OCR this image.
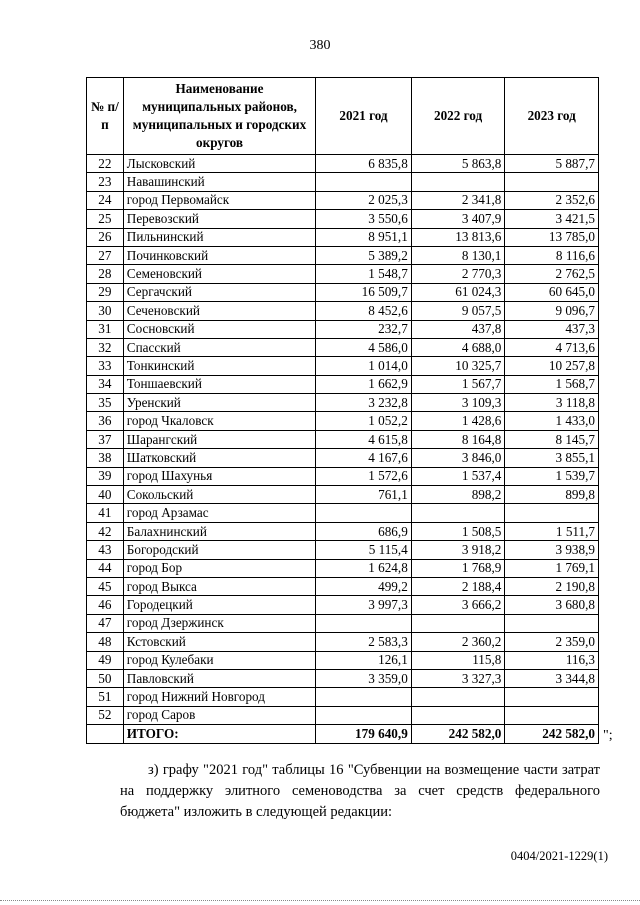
380
№ п/п	Наименование муниципальных районов, муниципальных и городских округов	2021 год	2022 год	2023 год
22	Лысковский	6 835,8	5 863,8	5 887,7
23	Навашинский			
24	город Первомайск	2 025,3	2 341,8	2 352,6
25	Перевозский	3 550,6	3 407,9	3 421,5
26	Пильнинский	8 951,1	13 813,6	13 785,0
27	Починковский	5 389,2	8 130,1	8 116,6
28	Семеновский	1 548,7	2 770,3	2 762,5
29	Сергачский	16 509,7	61 024,3	60 645,0
30	Сеченовский	8 452,6	9 057,5	9 096,7
31	Сосновский	232,7	437,8	437,3
32	Спасский	4 586,0	4 688,0	4 713,6
33	Тонкинский	1 014,0	10 325,7	10 257,8
34	Тоншаевский	1 662,9	1 567,7	1 568,7
35	Уренский	3 232,8	3 109,3	3 118,8
36	город Чкаловск	1 052,2	1 428,6	1 433,0
37	Шарангский	4 615,8	8 164,8	8 145,7
38	Шатковский	4 167,6	3 846,0	3 855,1
39	город Шахунья	1 572,6	1 537,4	1 539,7
40	Сокольский	761,1	898,2	899,8
41	город Арзамас			
42	Балахнинский	686,9	1 508,5	1 511,7
43	Богородский	5 115,4	3 918,2	3 938,9
44	город Бор	1 624,8	1 768,9	1 769,1
45	город Выкса	499,2	2 188,4	2 190,8
46	Городецкий	3 997,3	3 666,2	3 680,8
47	город Дзержинск			
48	Кстовский	2 583,3	2 360,2	2 359,0
49	город Кулебаки	126,1	115,8	116,3
50	Павловский	3 359,0	3 327,3	3 344,8
51	город Нижний Новгород			
52	город Саров			
	ИТОГО:	179 640,9	242 582,0	242 582,0 ";
з) графу "2021 год" таблицы 16 "Субвенции на возмещение части затрат на поддержку элитного семеноводства за счет средств федерального бюджета" изложить в следующей редакции:
0404/2021-1229(1)
